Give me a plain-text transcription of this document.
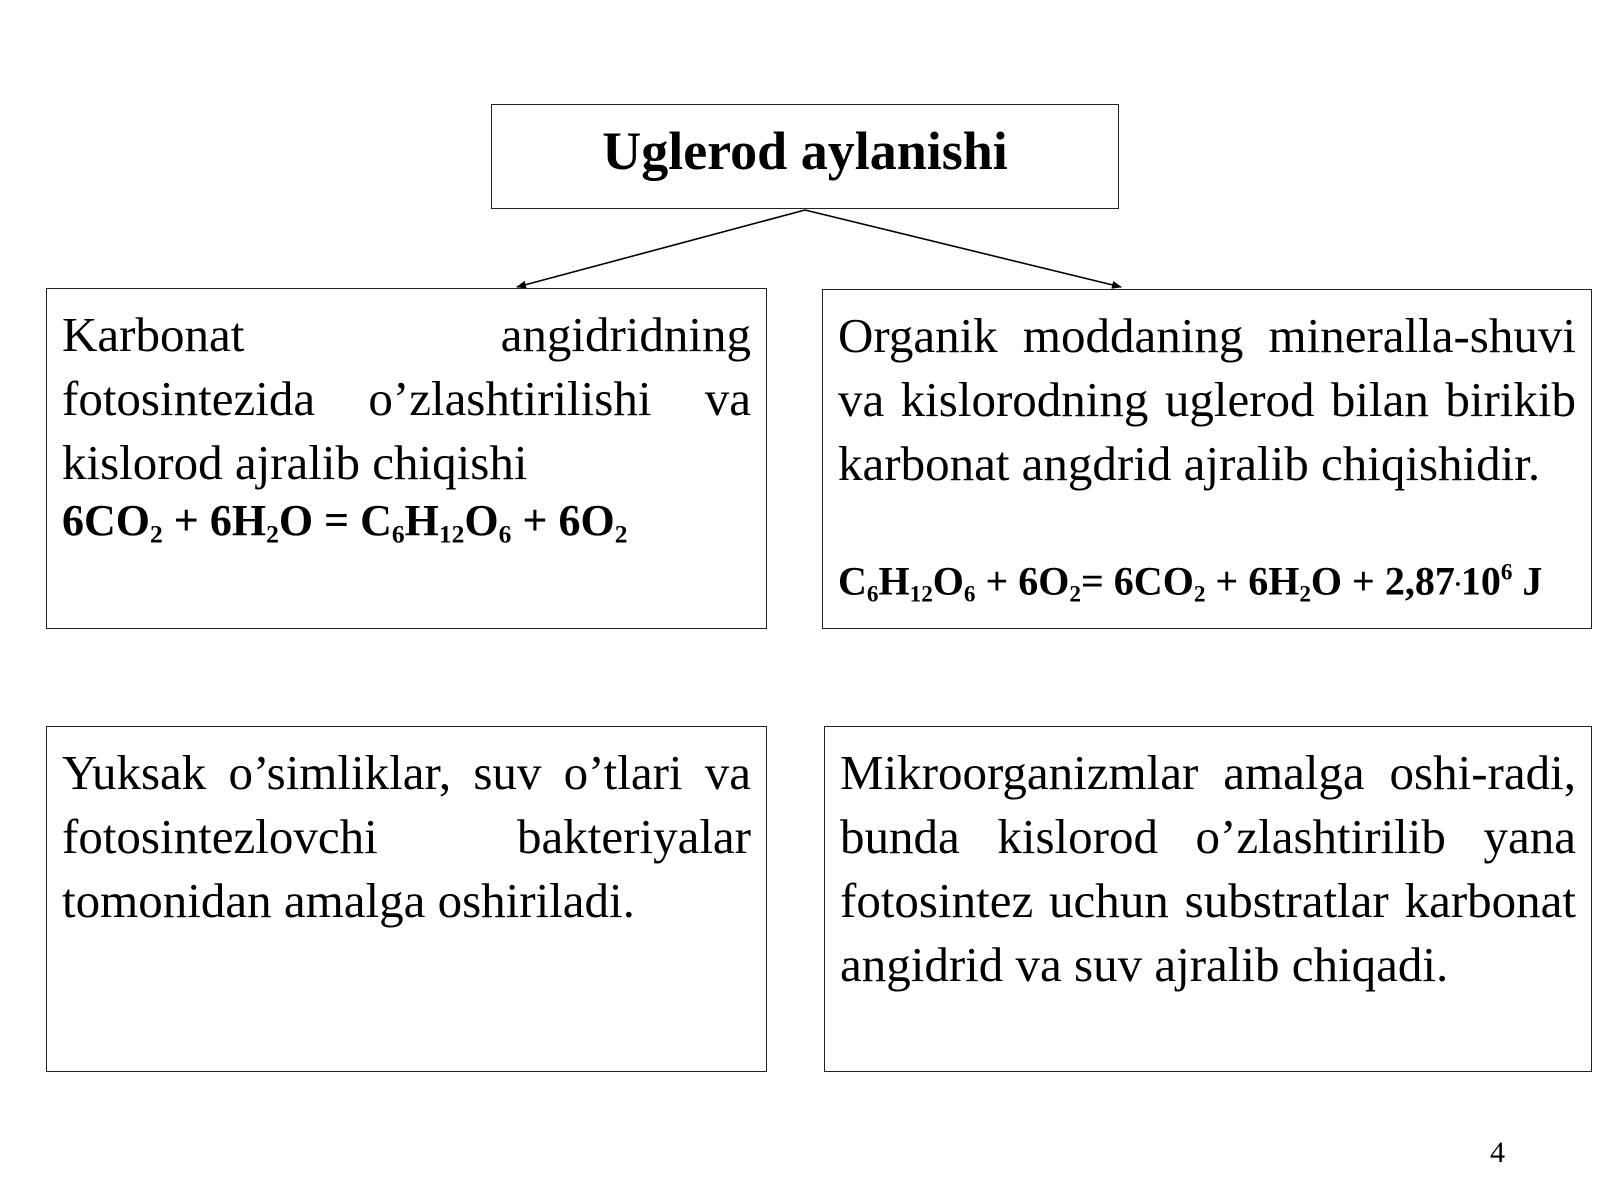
Uglerod aylanishi
Karbonat angidridning fotosintezida o’zlashtirilishi va kislorod ajralib chiqishi
$6CO_2 + 6H_2O = C_6H_{12}O_6 + 6O_2$
Organik moddaning mineralla-shuvi va kislorodning uglerod bilan birikib karbonat angdrid ajralib chiqishidir.
$C_6H_{12}O_6 + 6O_2= 6CO_2 + 6H_2O + 2,87^.10^6$ J
Yuksak o’simliklar, suv o’tlari va fotosintezlovchi bakteriyalar tomonidan amalga oshiriladi.
Mikroorganizmlar amalga oshi-radi, bunda kislorod o’zlashtirilib yana fotosintez uchun substratlar karbonat angidrid va suv ajralib chiqadi.
4
